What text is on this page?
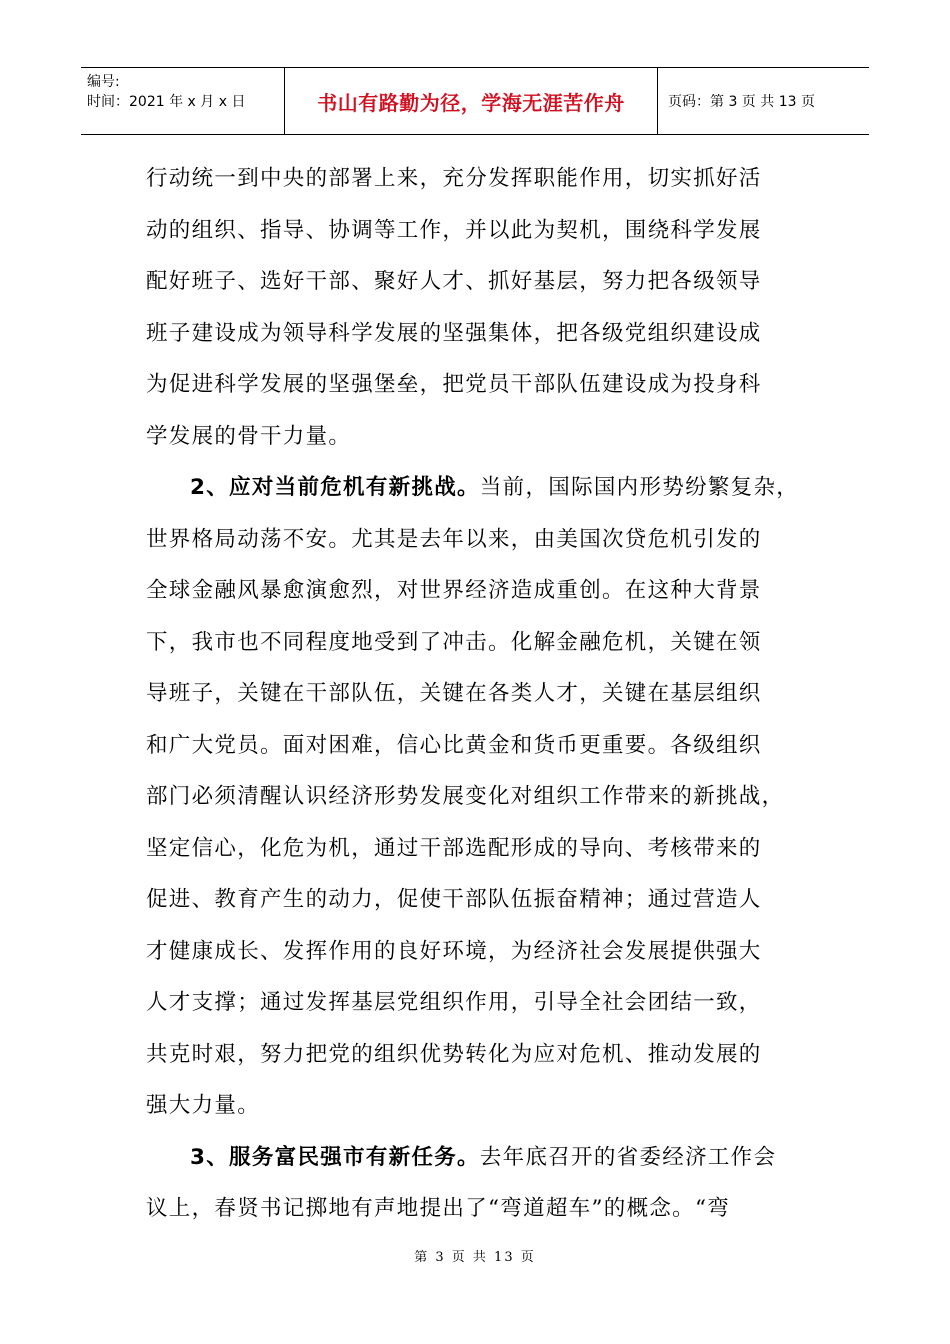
编号:
时间：2021 年 x 月 x 日	书山有路勤为径，学海无涯苦作舟	页码：第 3 页 共 13 页
行动统一到中央的部署上来，充分发挥职能作用，切实抓好活
动的组织、指导、协调等工作，并以此为契机，围绕科学发展
配好班子、选好干部、聚好人才、抓好基层，努力把各级领导
班子建设成为领导科学发展的坚强集体，把各级党组织建设成
为促进科学发展的坚强堡垒，把党员干部队伍建设成为投身科
学发展的骨干力量。
2、应对当前危机有新挑战。当前，国际国内形势纷繁复杂，
世界格局动荡不安。尤其是去年以来，由美国次贷危机引发的
全球金融风暴愈演愈烈，对世界经济造成重创。在这种大背景
下，我市也不同程度地受到了冲击。化解金融危机，关键在领
导班子，关键在干部队伍，关键在各类人才，关键在基层组织
和广大党员。面对困难，信心比黄金和货币更重要。各级组织
部门必须清醒认识经济形势发展变化对组织工作带来的新挑战，
坚定信心，化危为机，通过干部选配形成的导向、考核带来的
促进、教育产生的动力，促使干部队伍振奋精神；通过营造人
才健康成长、发挥作用的良好环境，为经济社会发展提供强大
人才支撑；通过发挥基层党组织作用，引导全社会团结一致，
共克时艰，努力把党的组织优势转化为应对危机、推动发展的
强大力量。
3、服务富民强市有新任务。去年底召开的省委经济工作会
议上，春贤书记掷地有声地提出了“弯道超车”的概念。“弯
第 3 页 共 13 页
